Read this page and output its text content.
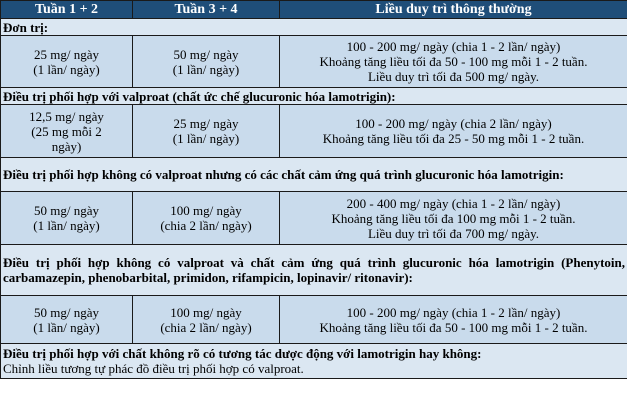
Tuần 1 + 2	Tuần 3 + 4	Liều duy trì thông thường
Đơn trị:		

25 mg/ ngày
(1 lần/ ngày)	50 mg/ ngày
(1 lần/ ngày)	100 - 200 mg/ ngày (chia 1 - 2 lần/ ngày)
Khoảng tăng liều tối đa 50 - 100 mg mỗi 1 - 2 tuần.
Liều duy trì tối đa 500 mg/ ngày.

Điều trị phối hợp với valproat (chất ức chế glucuronic hóa lamotrigin):		

12,5 mg/ ngày
(25 mg mỗi 2
ngày)	25 mg/ ngày
(1 lần/ ngày)	100 - 200 mg/ ngày (chia 2 lần/ ngày)
Khoảng tăng liều tối đa 25 - 50 mg mỗi 1 - 2 tuần.

Điều trị phối hợp không có valproat nhưng có các chất cảm ứng quá trình glucuronic hóa lamotrigin:		

50 mg/ ngày
(1 lần/ ngày)	100 mg/ ngày
(chia 2 lần/ ngày)	200 - 400 mg/ ngày (chia 1 - 2 lần/ ngày)
Khoảng tăng liều tối đa 100 mg mỗi 1 - 2 tuần.
Liều duy trì tối đa 700 mg/ ngày.

Điều trị phối hợp không có valproat và chất cảm ứng quá trình glucuronic hóa lamotrigin (Phenytoin, carbamazepin, phenobarbital, primidon, rifampicin, lopinavir/ ritonavir):		

50 mg/ ngày
(1 lần/ ngày)	100 mg/ ngày
(chia 2 lần/ ngày)	100 - 200 mg/ ngày (chia 1 - 2 lần/ ngày)
Khoảng tăng liều tối đa 50 - 100 mg mỗi 1 - 2 tuần.

Điều trị phối hợp với chất không rõ có tương tác dược động với lamotrigin hay không:
Chỉnh liều tương tự phác đồ điều trị phối hợp có valproat.		
